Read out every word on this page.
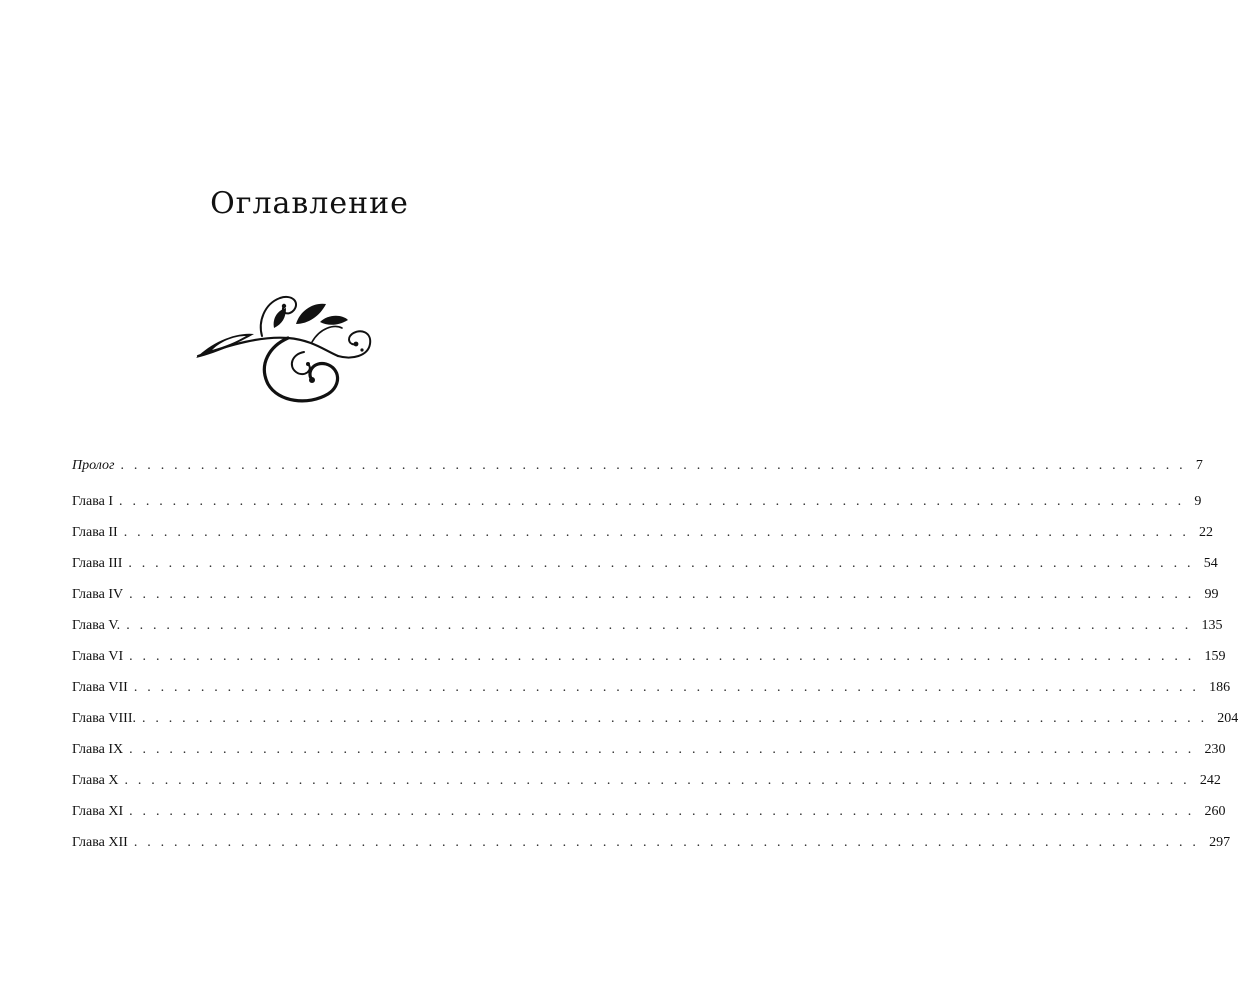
Оглавление
Пролог . . . . . . . . . . . . . . . . . . . . . . . . . . . . . . . . . . . . . . . . . . . . . . . . . . . . . . . . . . . . . . . . . . . . . . . . . . . . . . . . 7
Глава I . . . . . . . . . . . . . . . . . . . . . . . . . . . . . . . . . . . . . . . . . . . . . . . . . . . . . . . . . . . . . . . . . . . . . . . . . . . . . . . . 9
Глава II . . . . . . . . . . . . . . . . . . . . . . . . . . . . . . . . . . . . . . . . . . . . . . . . . . . . . . . . . . . . . . . . . . . . . . . . . . . . . . . . 22
Глава III . . . . . . . . . . . . . . . . . . . . . . . . . . . . . . . . . . . . . . . . . . . . . . . . . . . . . . . . . . . . . . . . . . . . . . . . . . . . . . . . 54
Глава IV . . . . . . . . . . . . . . . . . . . . . . . . . . . . . . . . . . . . . . . . . . . . . . . . . . . . . . . . . . . . . . . . . . . . . . . . . . . . . . . . 99
Глава V. . . . . . . . . . . . . . . . . . . . . . . . . . . . . . . . . . . . . . . . . . . . . . . . . . . . . . . . . . . . . . . . . . . . . . . . . . . . . . . . . 135
Глава VI . . . . . . . . . . . . . . . . . . . . . . . . . . . . . . . . . . . . . . . . . . . . . . . . . . . . . . . . . . . . . . . . . . . . . . . . . . . . . . . . 159
Глава VII . . . . . . . . . . . . . . . . . . . . . . . . . . . . . . . . . . . . . . . . . . . . . . . . . . . . . . . . . . . . . . . . . . . . . . . . . . . . . . . . 186
Глава VIII. . . . . . . . . . . . . . . . . . . . . . . . . . . . . . . . . . . . . . . . . . . . . . . . . . . . . . . . . . . . . . . . . . . . . . . . . . . . . . . . . 204
Глава IX . . . . . . . . . . . . . . . . . . . . . . . . . . . . . . . . . . . . . . . . . . . . . . . . . . . . . . . . . . . . . . . . . . . . . . . . . . . . . . . . 230
Глава X . . . . . . . . . . . . . . . . . . . . . . . . . . . . . . . . . . . . . . . . . . . . . . . . . . . . . . . . . . . . . . . . . . . . . . . . . . . . . . . . 242
Глава XI . . . . . . . . . . . . . . . . . . . . . . . . . . . . . . . . . . . . . . . . . . . . . . . . . . . . . . . . . . . . . . . . . . . . . . . . . . . . . . . . 260
Глава XII . . . . . . . . . . . . . . . . . . . . . . . . . . . . . . . . . . . . . . . . . . . . . . . . . . . . . . . . . . . . . . . . . . . . . . . . . . . . . . . . 297
